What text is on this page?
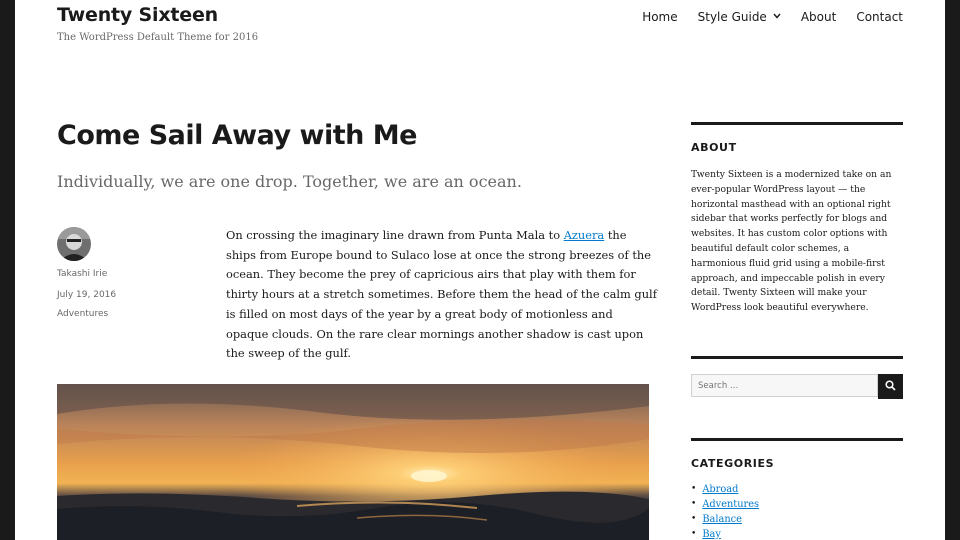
Twenty Sixteen
The WordPress Default Theme for 2016
Home Style Guide	About Contact
Come Sail Away with Me

Individually, we are one drop. Together, we are an ocean.

Takashi Irie
July 19, 2016
Adventures

On crossing the imaginary line drawn from Punta Mala to Azuera the ships from Europe bound to Sulaco lose at once the strong breezes of the ocean. They become the prey of capricious airs that play with them for thirty hours at a stretch sometimes. Before them the head of the calm gulf is filled on most days of the year by a great body of motionless and opaque clouds. On the rare clear mornings another shadow is cast upon the sweep of the gulf.

ABOUT
Twenty Sixteen is a modernized take on an ever-popular WordPress layout — the horizontal masthead with an optional right sidebar that works perfectly for blogs and websites. It has custom color options with beautiful default color schemes, a harmonious fluid grid using a mobile-first approach, and impeccable polish in every detail. Twenty Sixteen will make your WordPress look beautiful everywhere.
Search …
CATEGORIES
• Abroad
• Adventures
• Balance
• Bay
